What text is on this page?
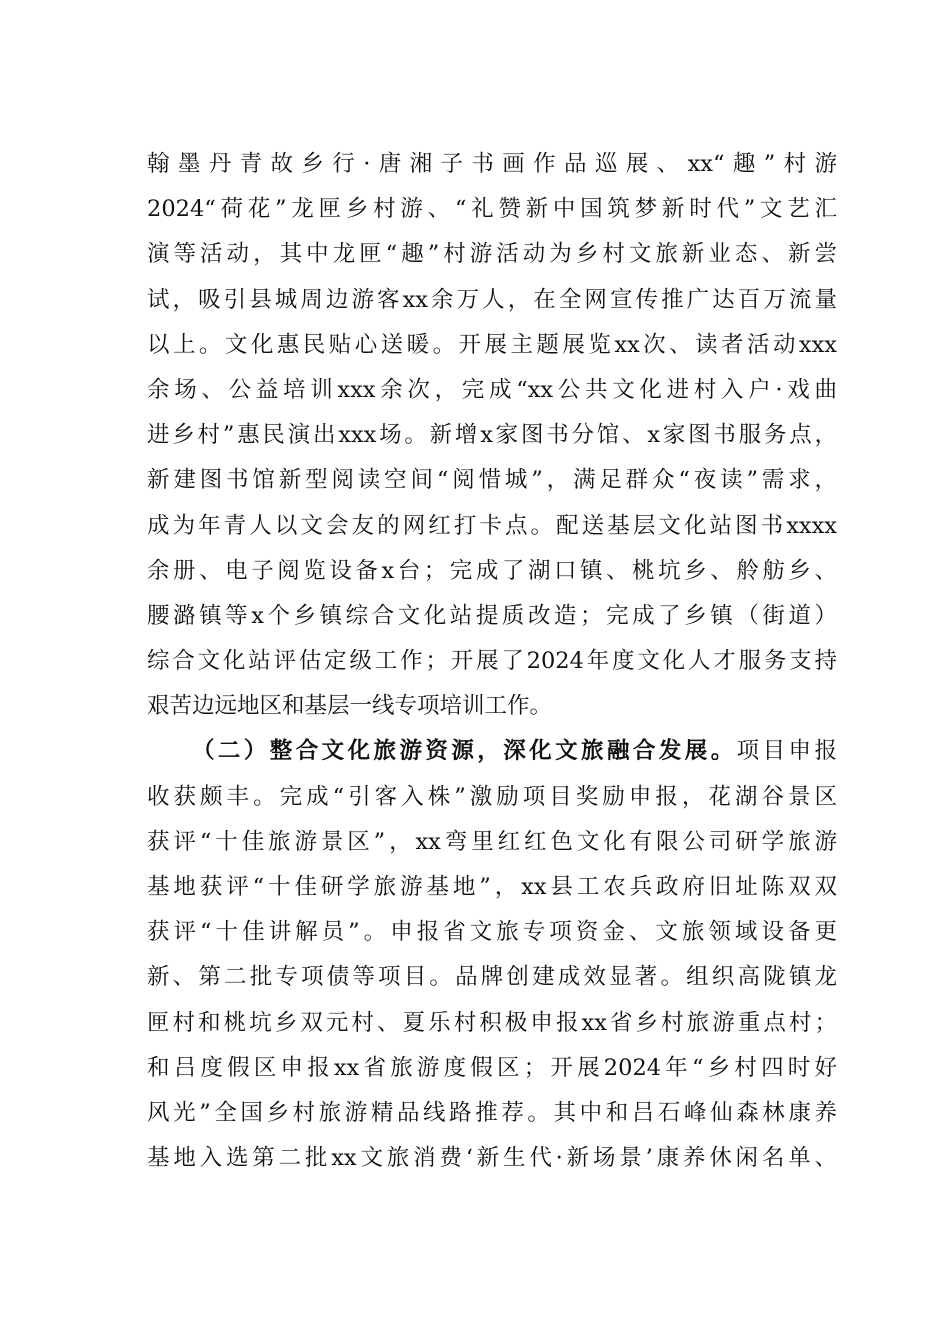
翰墨丹青故乡行·唐湘子书画作品巡展、xx“趣”村游
2024“荷花”龙匣乡村游、“礼赞新中国筑梦新时代”文艺汇
演等活动，其中龙匣“趣”村游活动为乡村文旅新业态、新尝
试，吸引县城周边游客xx余万人，在全网宣传推广达百万流量
以上。文化惠民贴心送暖。开展主题展览xx次、读者活动xxx
余场、公益培训xxx余次，完成“xx公共文化进村入户·戏曲
进乡村”惠民演出xxx场。新增x家图书分馆、x家图书服务点，
新建图书馆新型阅读空间“阅惜城”，满足群众“夜读”需求，
成为年青人以文会友的网红打卡点。配送基层文化站图书xxxx
余册、电子阅览设备x台；完成了湖口镇、桃坑乡、舲舫乡、
腰潞镇等x个乡镇综合文化站提质改造；完成了乡镇（街道）
综合文化站评估定级工作；开展了2024年度文化人才服务支持
艰苦边远地区和基层一线专项培训工作。
（二）整合文化旅游资源，深化文旅融合发展。项目申报
收获颇丰。完成“引客入株”激励项目奖励申报，花湖谷景区
获评“十佳旅游景区”，xx弯里红红色文化有限公司研学旅游
基地获评“十佳研学旅游基地”，xx县工农兵政府旧址陈双双
获评“十佳讲解员”。申报省文旅专项资金、文旅领域设备更
新、第二批专项债等项目。品牌创建成效显著。组织高陇镇龙
匣村和桃坑乡双元村、夏乐村积极申报xx省乡村旅游重点村；
和吕度假区申报xx省旅游度假区；开展2024年“乡村四时好
风光”全国乡村旅游精品线路推荐。其中和吕石峰仙森林康养
基地入选第二批xx文旅消费‘新生代·新场景’康养休闲名单、
